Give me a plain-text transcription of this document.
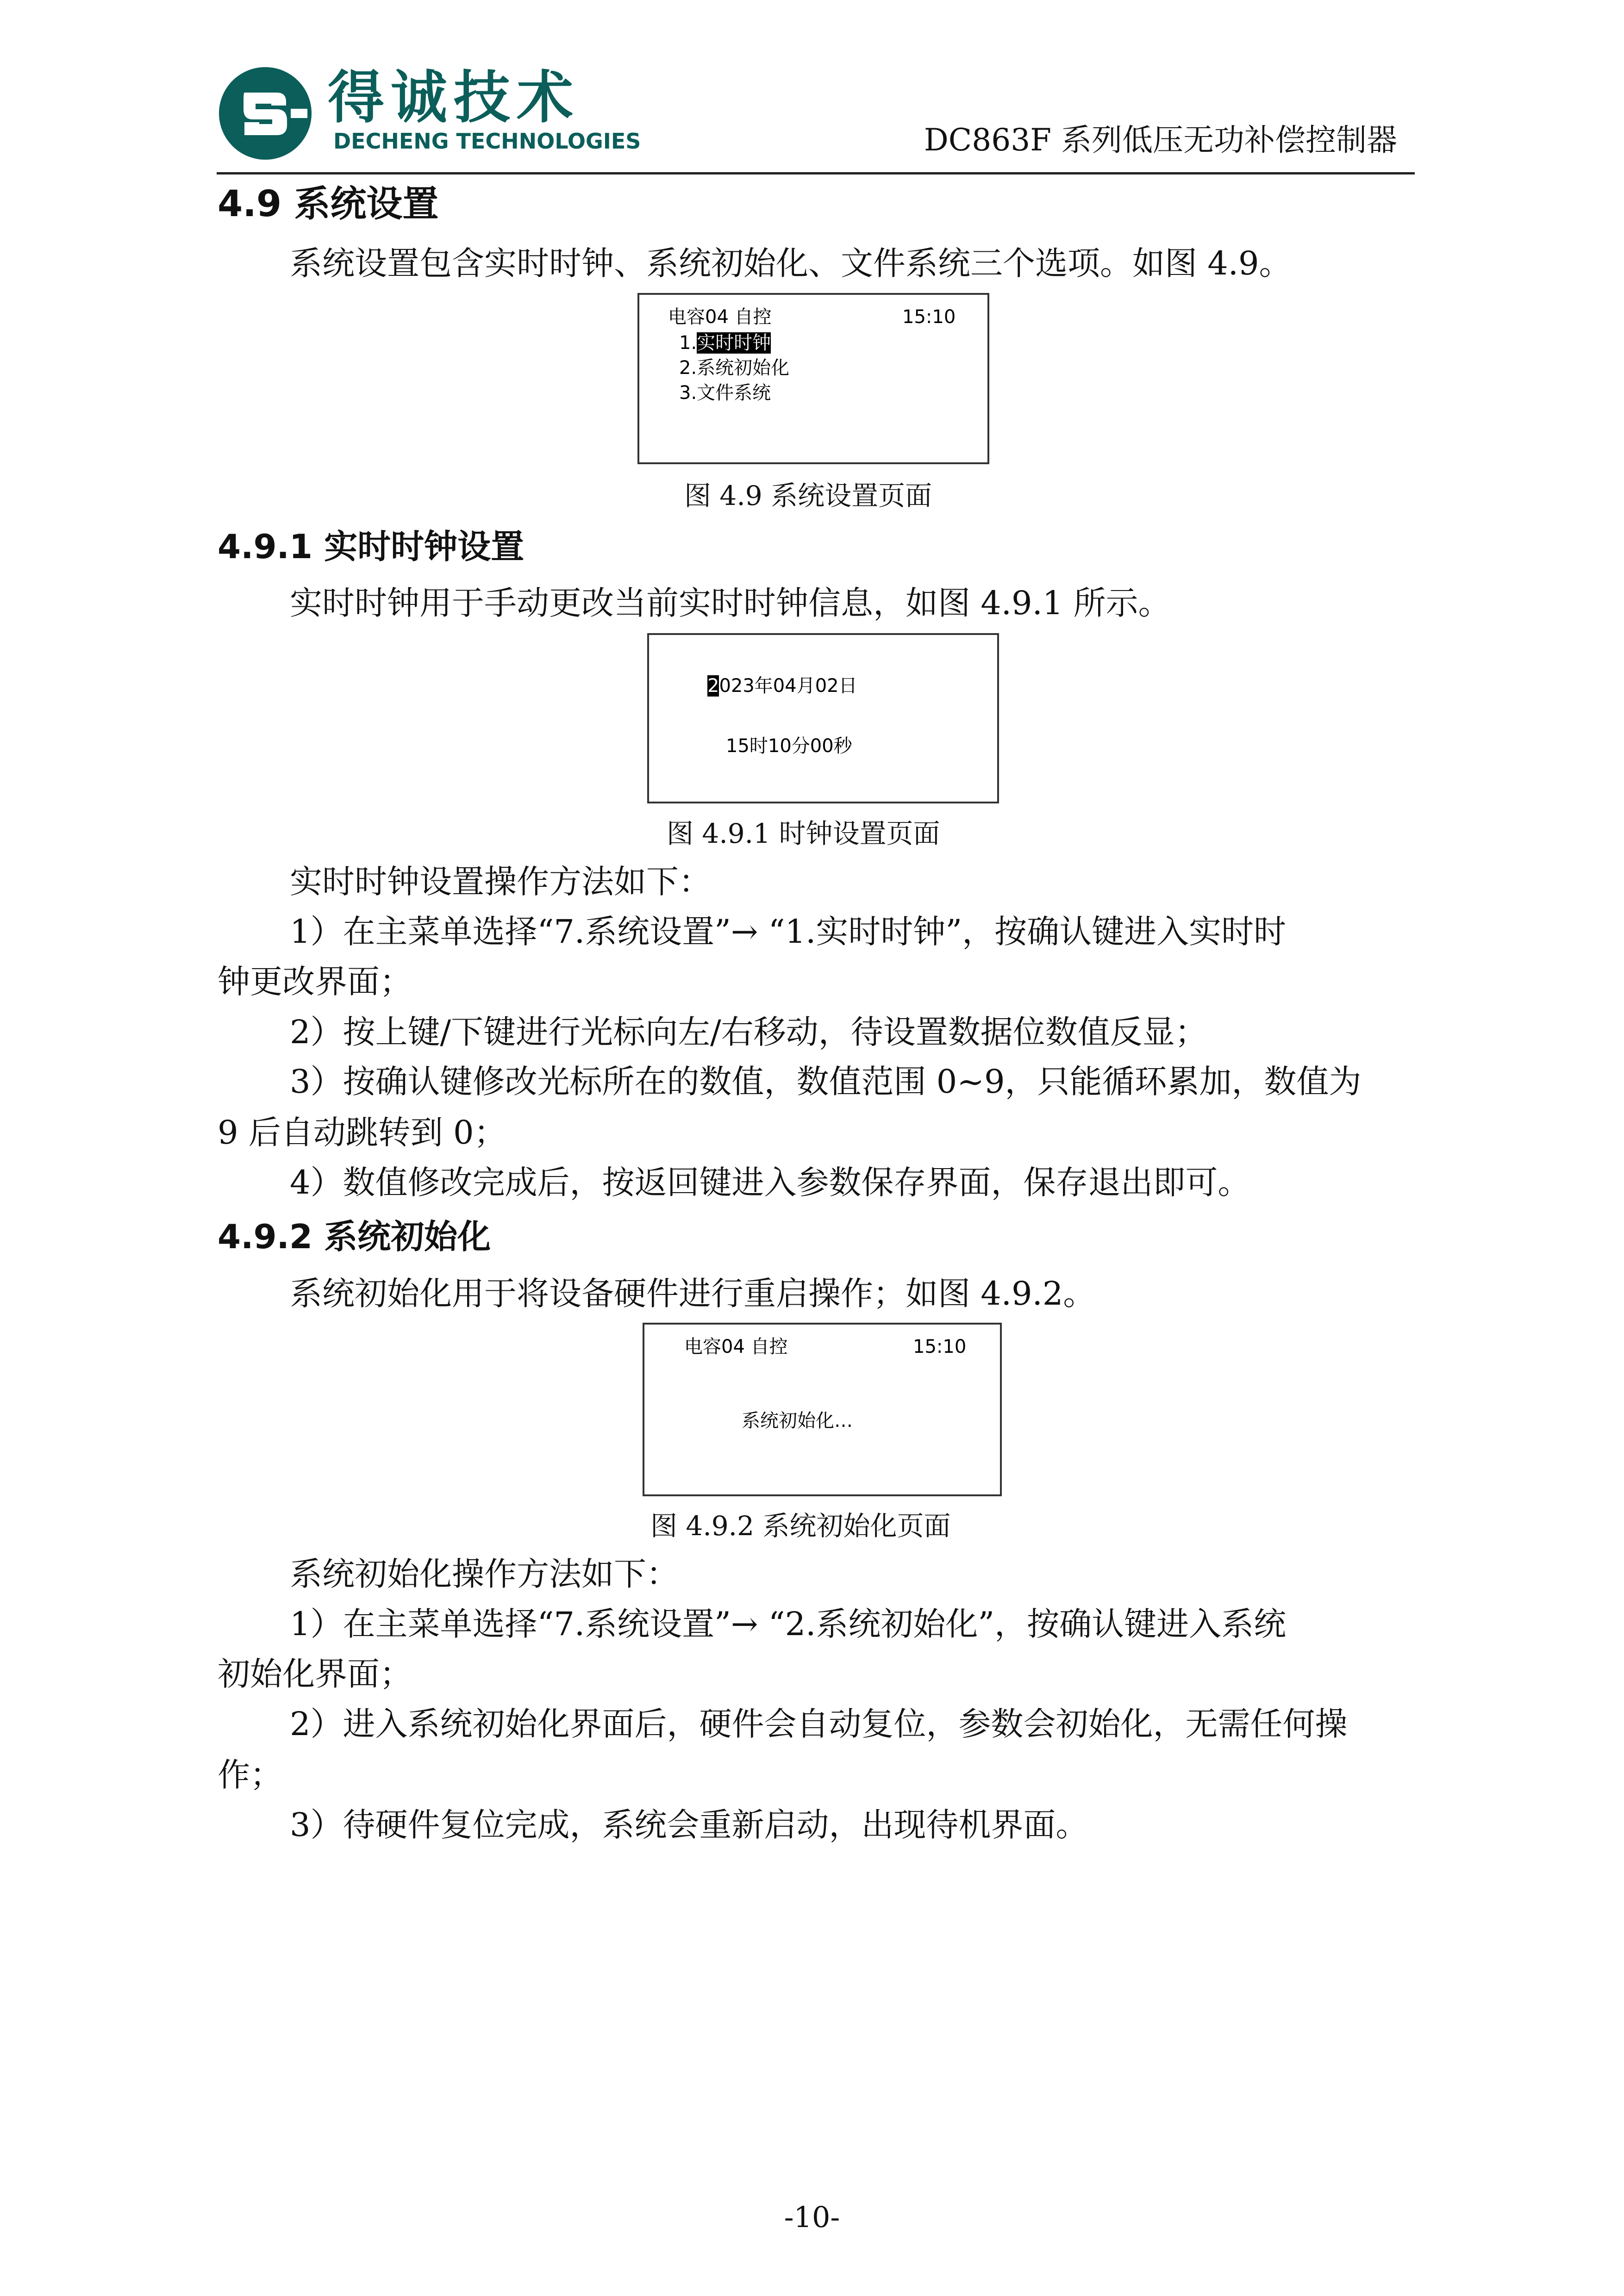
得诚技术
DECHENG TECHNOLOGIES	DC863F 系列低压无功补偿控制器
4.9 系统设置
系统设置包含实时时钟、系统初始化、文件系统三个选项。如图 4.9。
电容04 自控	15:10
1.实时时钟
2.系统初始化
3.文件系统
图 4.9 系统设置页面
4.9.1 实时时钟设置
实时时钟用于手动更改当前实时时钟信息，如图 4.9.1 所示。
2023年04月02日
15时10分00秒
图 4.9.1 时钟设置页面
实时时钟设置操作方法如下：
1）在主菜单选择“7.系统设置”→ “1.实时时钟”，按确认键进入实时时
钟更改界面；
2）按上键/下键进行光标向左/右移动，待设置数据位数值反显；
3）按确认键修改光标所在的数值，数值范围 0~9，只能循环累加，数值为
9 后自动跳转到 0；
4）数值修改完成后，按返回键进入参数保存界面，保存退出即可。
4.9.2 系统初始化
系统初始化用于将设备硬件进行重启操作；如图 4.9.2。
电容04 自控	15:10
系统初始化…
图 4.9.2 系统初始化页面
系统初始化操作方法如下：
1）在主菜单选择“7.系统设置”→ “2.系统初始化”，按确认键进入系统
初始化界面；
2）进入系统初始化界面后，硬件会自动复位，参数会初始化，无需任何操
作；
3）待硬件复位完成，系统会重新启动，出现待机界面。
-10-
